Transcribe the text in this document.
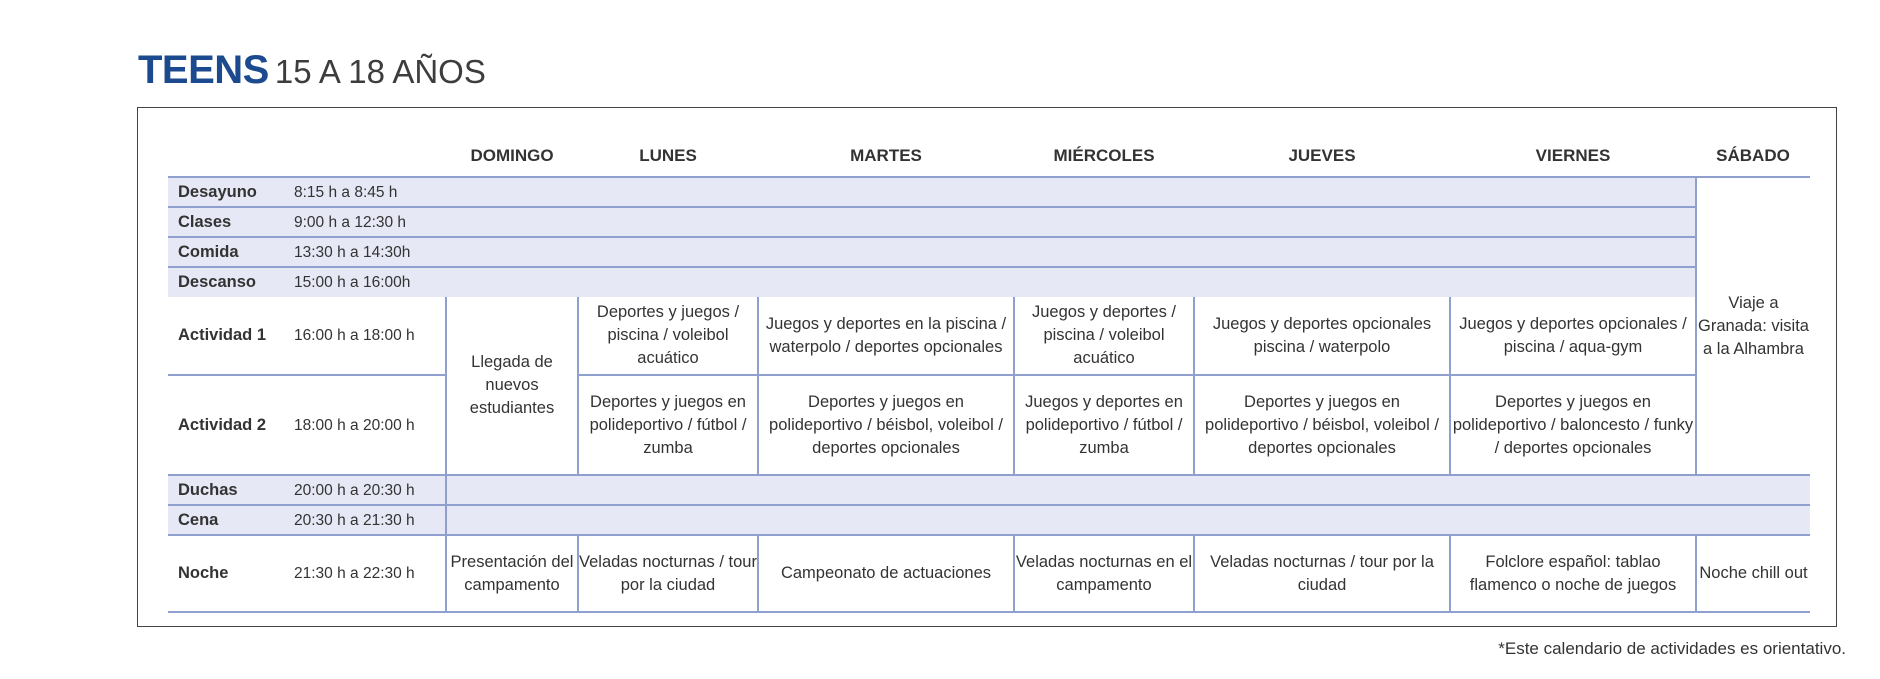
TEENS 15 A 18 AÑOS
		DOMINGO	LUNES	MARTES	MIÉRCOLES	JUEVES	VIERNES	SÁBADO
Desayuno	8:15 h a 8:45 h							Viaje a Granada: visita a la Alhambra
Clases	9:00 h a 12:30 h							
Comida	13:30 h a 14:30h							
Descanso	15:00 h a 16:00h							
Actividad 1	16:00 h a 18:00 h	Llegada de nuevos estudiantes	Deportes y juegos / piscina / voleibol acuático	Juegos y deportes en la piscina / waterpolo / deportes opcionales	Juegos y deportes / piscina / voleibol acuático	Juegos y deportes opcionales piscina / waterpolo	Juegos y deportes opcionales / piscina / aqua-gym	
Actividad 2	18:00 h a 20:00 h		Deportes y juegos en polideportivo / fútbol / zumba	Deportes y juegos en polideportivo / béisbol, voleibol / deportes opcionales	Juegos y deportes en polideportivo / fútbol / zumba	Deportes y juegos en polideportivo / béisbol, voleibol / deportes opcionales	Deportes y juegos en polideportivo / baloncesto / funky / deportes opcionales	
Duchas	20:00 h a 20:30 h							
Cena	20:30 h a 21:30 h							
Noche	21:30 h a 22:30 h	Presentación del campamento	Veladas nocturnas / tour por la ciudad	Campeonato de actuaciones	Veladas nocturnas en el campamento	Veladas nocturnas / tour por la ciudad	Folclore español: tablao flamenco o noche de juegos	Noche chill out
*Este calendario de actividades es orientativo.
